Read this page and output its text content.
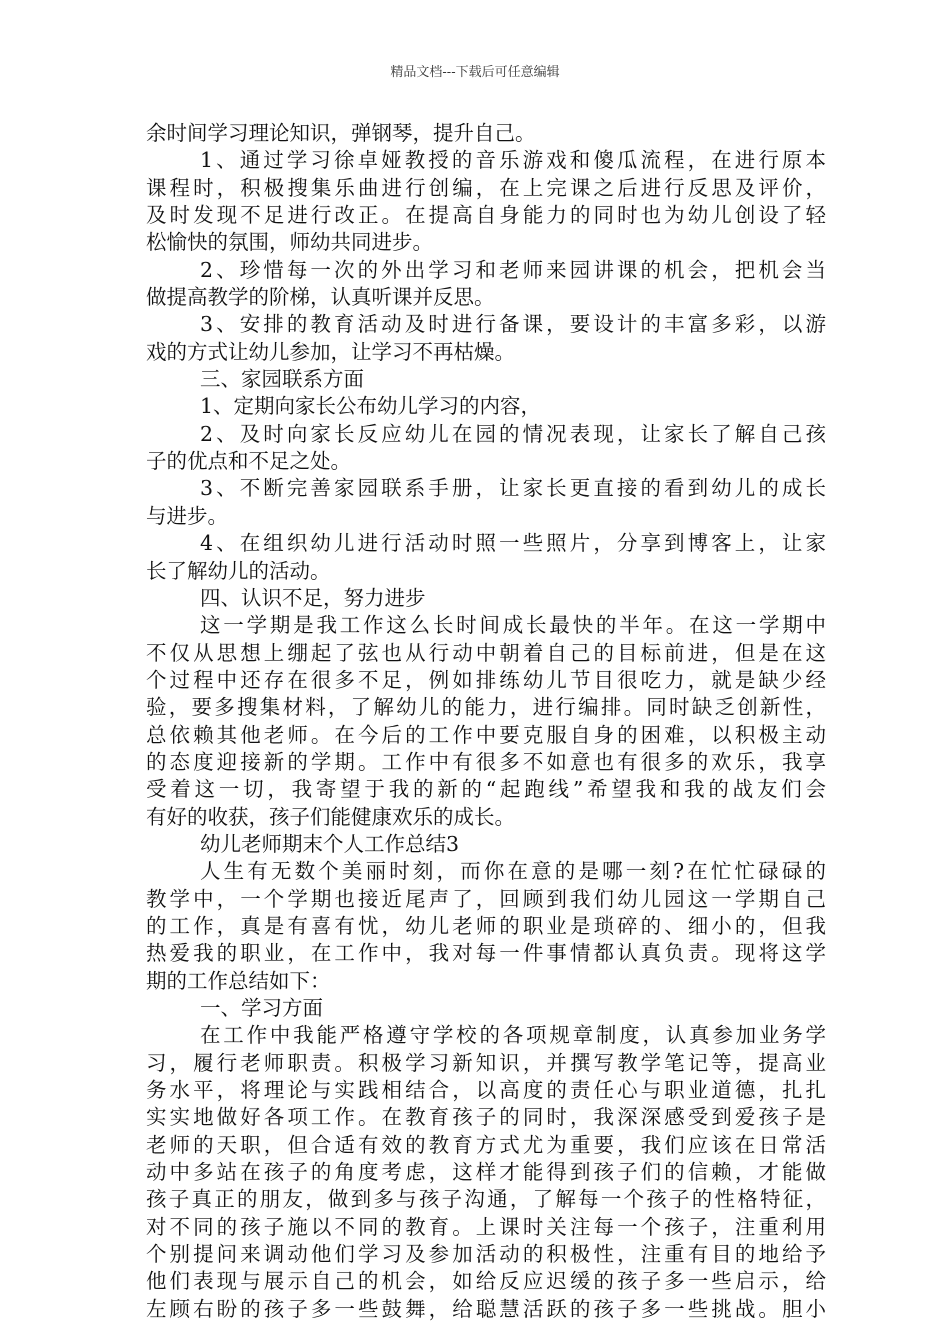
精品文档---下载后可任意编辑
余时间学习理论知识，弹钢琴，提升自己。
1、通过学习徐卓娅教授的音乐游戏和傻瓜流程，在进行原本
课程时，积极搜集乐曲进行创编，在上完课之后进行反思及评价，
及时发现不足进行改正。在提高自身能力的同时也为幼儿创设了轻
松愉快的氛围，师幼共同进步。
2、珍惜每一次的外出学习和老师来园讲课的机会，把机会当
做提高教学的阶梯，认真听课并反思。
3、安排的教育活动及时进行备课，要设计的丰富多彩，以游
戏的方式让幼儿参加，让学习不再枯燥。
三、家园联系方面
1、定期向家长公布幼儿学习的内容，
2、及时向家长反应幼儿在园的情况表现，让家长了解自己孩
子的优点和不足之处。
3、不断完善家园联系手册，让家长更直接的看到幼儿的成长
与进步。
4、在组织幼儿进行活动时照一些照片，分享到博客上，让家
长了解幼儿的活动。
四、认识不足，努力进步
这一学期是我工作这么长时间成长最快的半年。在这一学期中
不仅从思想上绷起了弦也从行动中朝着自己的目标前进，但是在这
个过程中还存在很多不足，例如排练幼儿节目很吃力，就是缺少经
验，要多搜集材料，了解幼儿的能力，进行编排。同时缺乏创新性，
总依赖其他老师。在今后的工作中要克服自身的困难，以积极主动
的态度迎接新的学期。工作中有很多不如意也有很多的欢乐，我享
受着这一切，我寄望于我的新的“起跑线”希望我和我的战友们会
有好的收获，孩子们能健康欢乐的成长。
幼儿老师期末个人工作总结3
人生有无数个美丽时刻，而你在意的是哪一刻?在忙忙碌碌的
教学中，一个学期也接近尾声了，回顾到我们幼儿园这一学期自己
的工作，真是有喜有忧，幼儿老师的职业是琐碎的、细小的，但我
热爱我的职业，在工作中，我对每一件事情都认真负责。现将这学
期的工作总结如下：
一、学习方面
在工作中我能严格遵守学校的各项规章制度，认真参加业务学
习，履行老师职责。积极学习新知识，并撰写教学笔记等，提高业
务水平，将理论与实践相结合，以高度的责任心与职业道德，扎扎
实实地做好各项工作。在教育孩子的同时，我深深感受到爱孩子是
老师的天职，但合适有效的教育方式尤为重要，我们应该在日常活
动中多站在孩子的角度考虑，这样才能得到孩子们的信赖，才能做
孩子真正的朋友，做到多与孩子沟通，了解每一个孩子的性格特征，
对不同的孩子施以不同的教育。上课时关注每一个孩子，注重利用
个别提问来调动他们学习及参加活动的积极性，注重有目的地给予
他们表现与展示自己的机会，如给反应迟缓的孩子多一些启示，给
左顾右盼的孩子多一些鼓舞，给聪慧活跃的孩子多一些挑战。胆小
